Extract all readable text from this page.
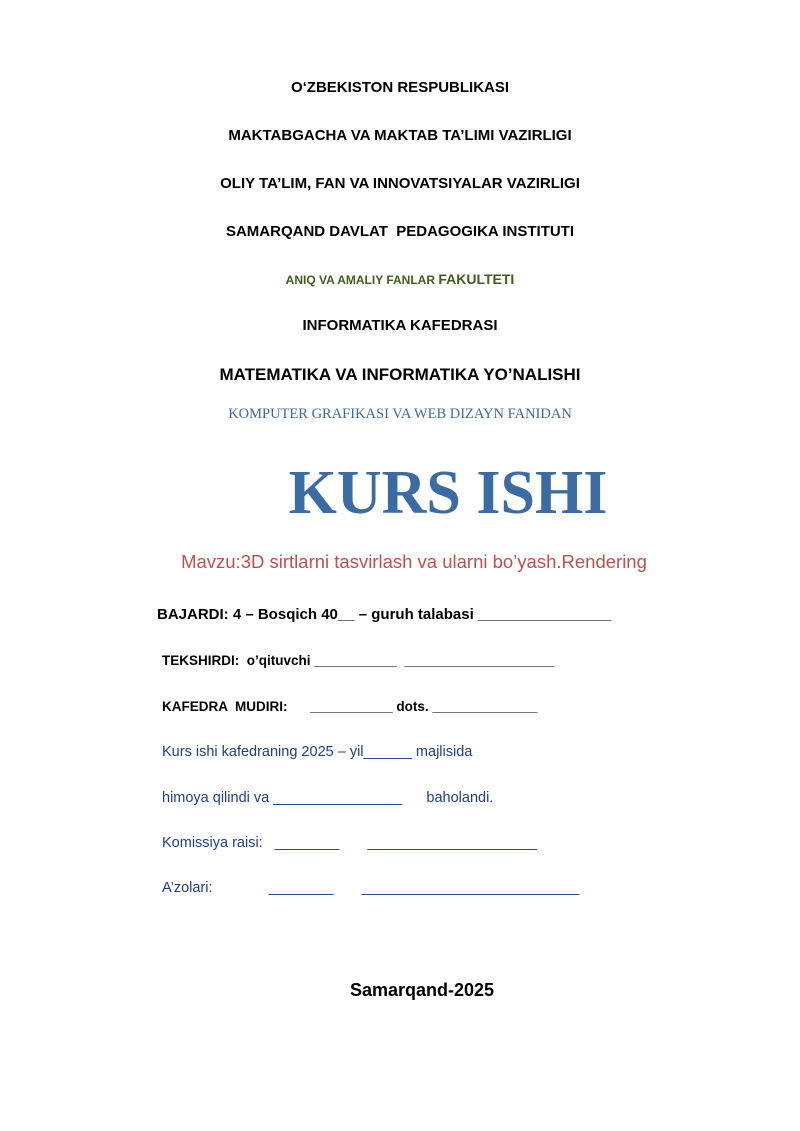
O‘ZBEKISTON RESPUBLIKASI
MAKTABGACHA VA MAKTAB TA’LIMI VAZIRLIGI
OLIY TA’LIM, FAN VA INNOVATSIYALAR VAZIRLIGI
SAMARQAND DAVLAT  PEDAGOGIKA INSTITUTI
ANIQ VA AMALIY FANLAR FAKULTETI
INFORMATIKA KAFEDRASI
MATEMATIKA VA INFORMATIKA YO’NALISHI
KOMPUTER GRAFIKASI VA WEB DIZAYN FANIDAN
KURS ISHI
Mavzu:3D sirtlarni tasvirlash va ularni bo’yash.Rendering
BAJARDI: 4 – Bosqich 40__ – guruh talabasi ________________
TEKSHIRDI:  o’qituvchi ___________  ____________________
KAFEDRA  MUDIRI:      ___________ dots. ______________
Kurs ishi kafedraning 2025 – yil______ majlisida
himoya qilindi va ________________      baholandi.
Komissiya raisi:   ________       _____________________
A’zolari:              ________       ___________________________
Samarqand-2025
